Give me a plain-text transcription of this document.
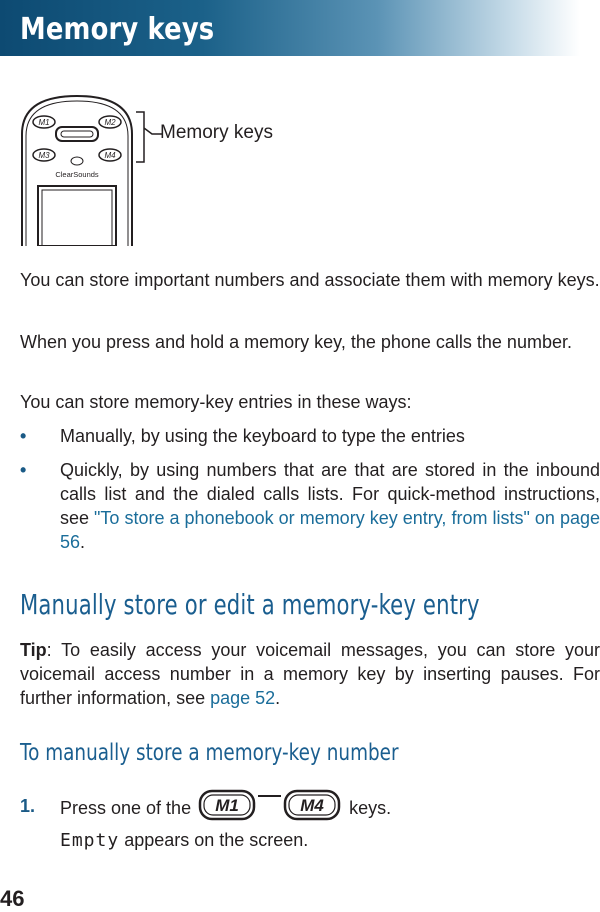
Memory keys
M1	M2
M3	M4
ClearSounds
Memory keys

You can store important numbers and associate them with memory keys.

When you press and hold a memory key, the phone calls the number.

You can store memory-key entries in these ways:

• Manually, by using the keyboard to type the entries
• Quickly, by using numbers that are that are stored in the inbound calls list and the dialed calls lists. For quick-method instructions, see "To store a phonebook or memory key entry, from lists" on page 56.
Manually store or edit a memory-key entry

Tip: To easily access your voicemail messages, you can store your voicemail access number in a memory key by inserting pauses. For further information, see page 52.

To manually store a memory-key number
1. Press one of the M1	M4 keys.
Empty appears on the screen.
46
